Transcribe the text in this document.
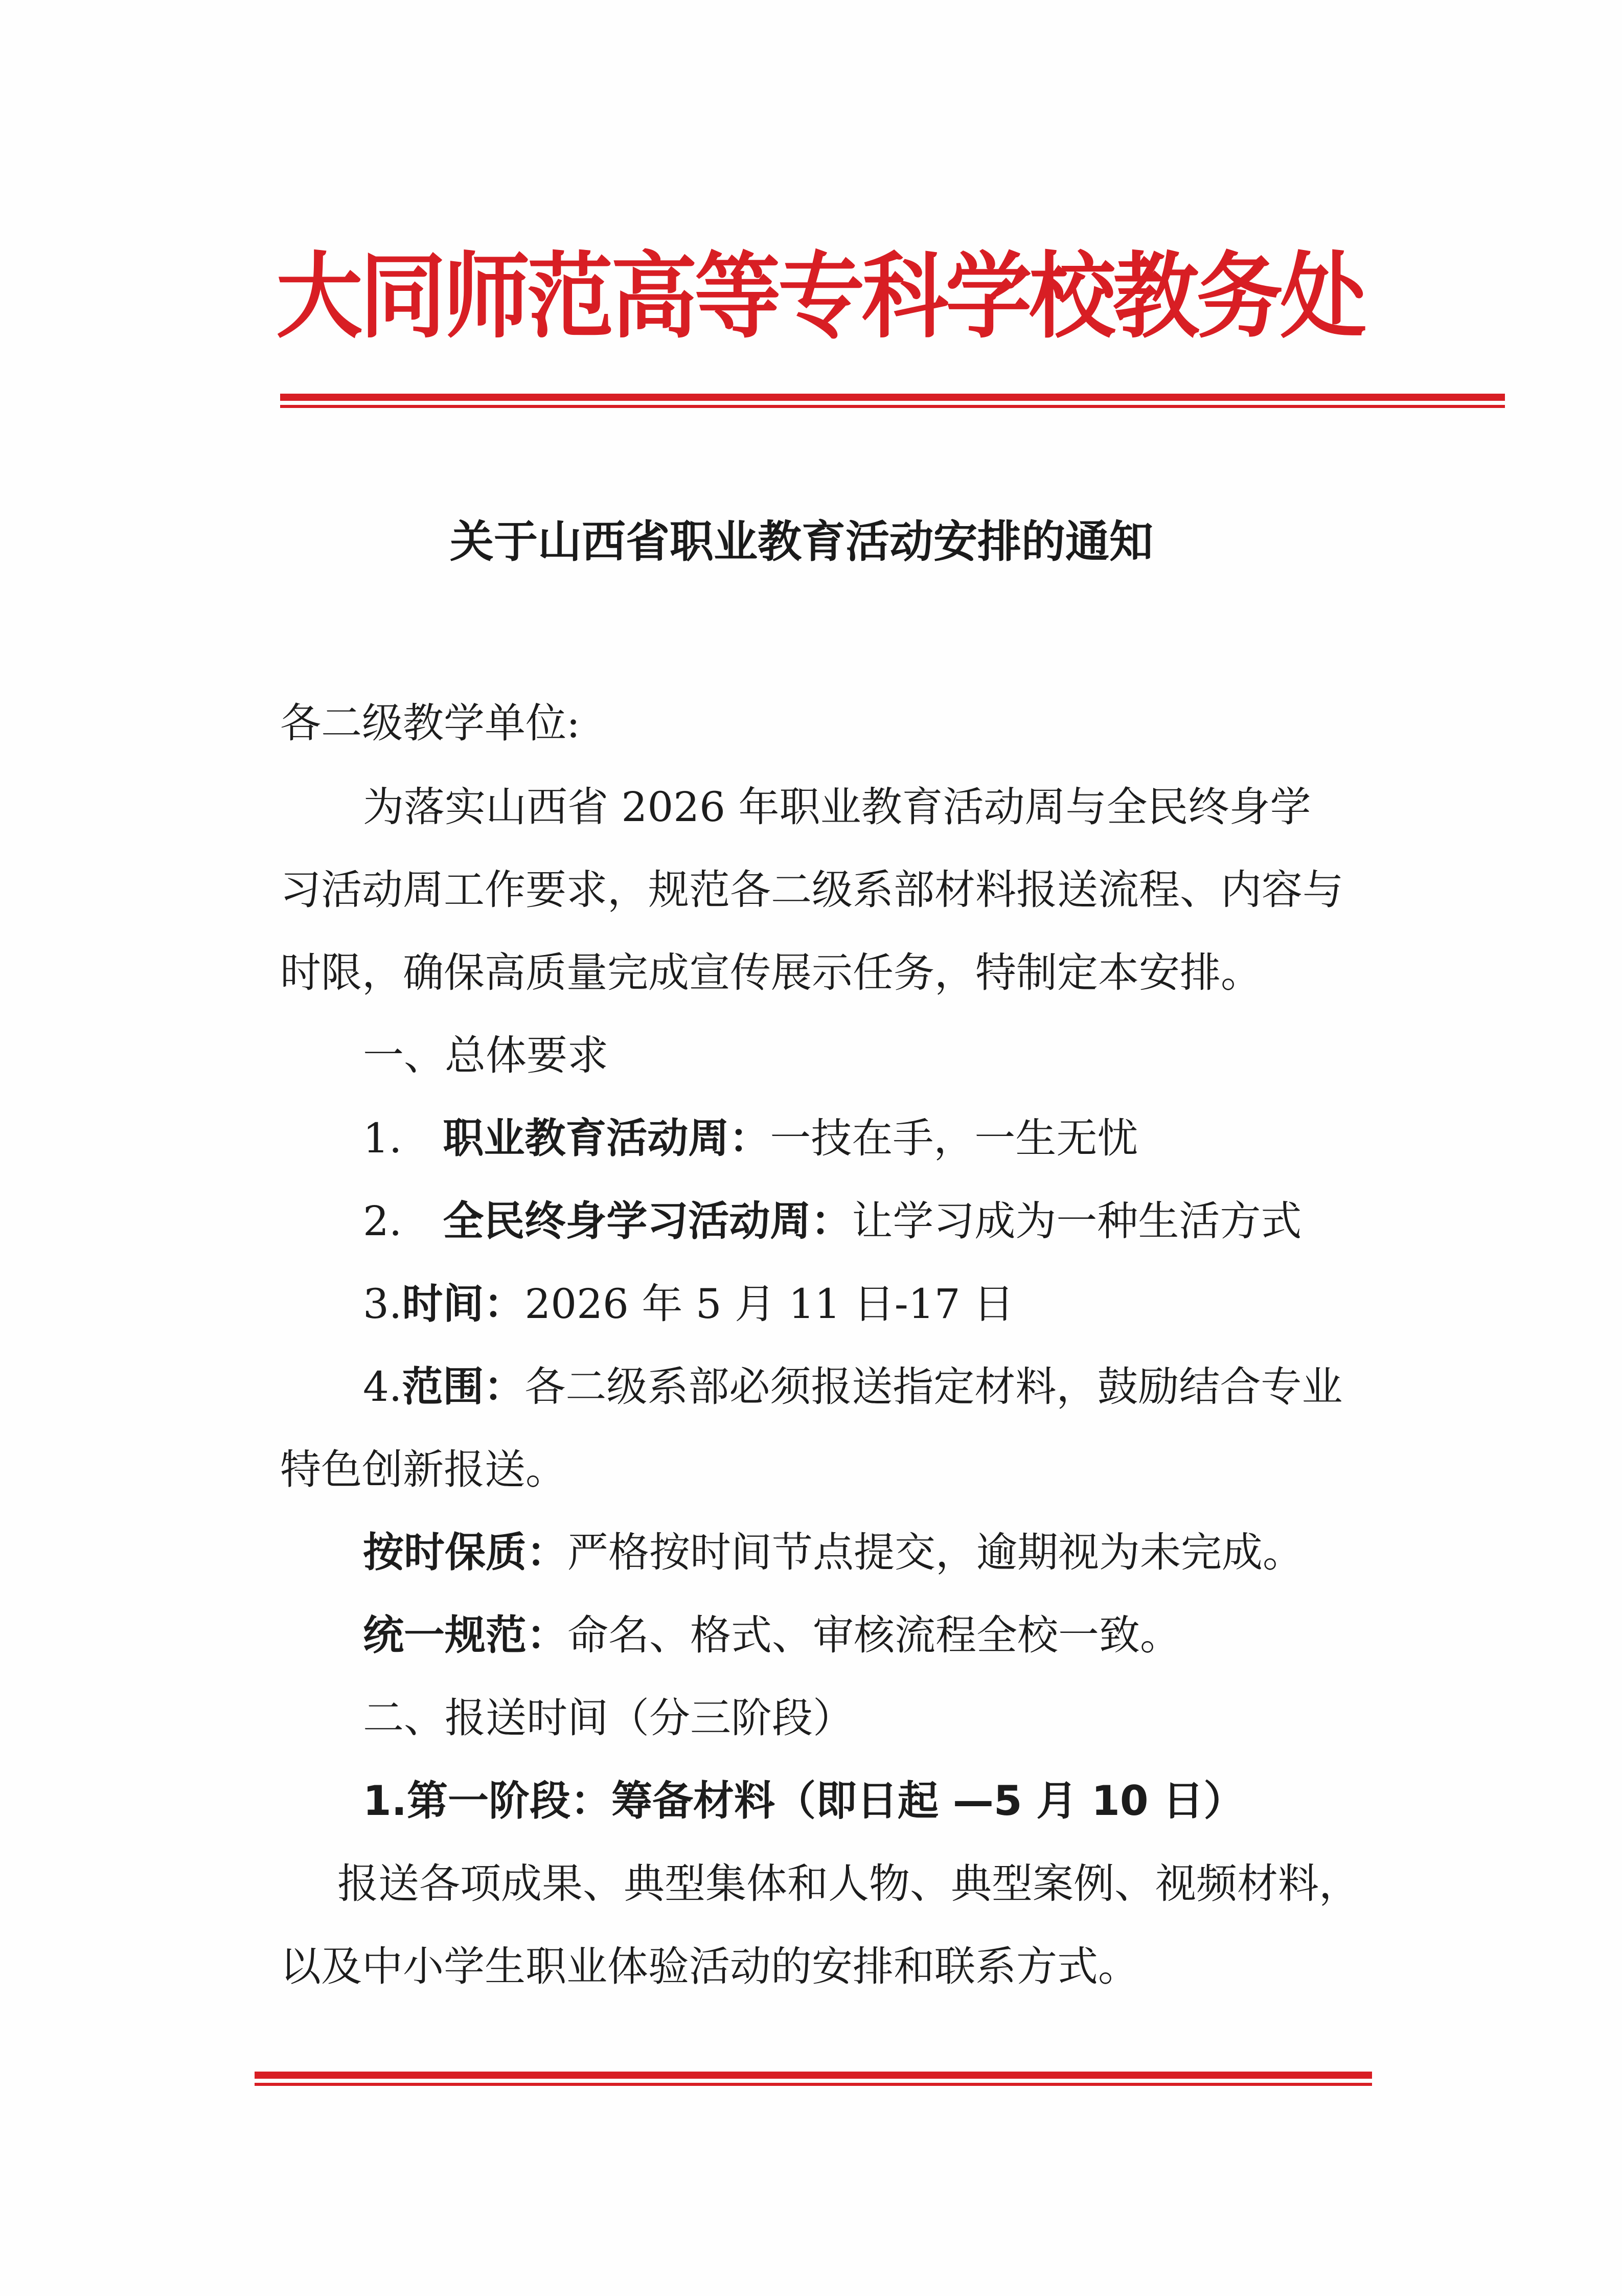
大同师范高等专科学校教务处
关于山西省职业教育活动安排的通知
各二级教学单位:
为落实山西省 2026 年职业教育活动周与全民终身学
习活动周工作要求，规范各二级系部材料报送流程、内容与
时限，确保高质量完成宣传展示任务，特制定本安排。
一、总体要求
1. 职业教育活动周：一技在手，一生无忧
2. 全民终身学习活动周：让学习成为一种生活方式
3.时间：2026 年 5 月 11 日-17 日
4.范围：各二级系部必须报送指定材料，鼓励结合专业
特色创新报送。
按时保质：严格按时间节点提交，逾期视为未完成。
统一规范：命名、格式、审核流程全校一致。
二、报送时间（分三阶段）
1.第一阶段：筹备材料（即日起 —5 月 10 日）
报送各项成果、典型集体和人物、典型案例、视频材料，
以及中小学生职业体验活动的安排和联系方式。
